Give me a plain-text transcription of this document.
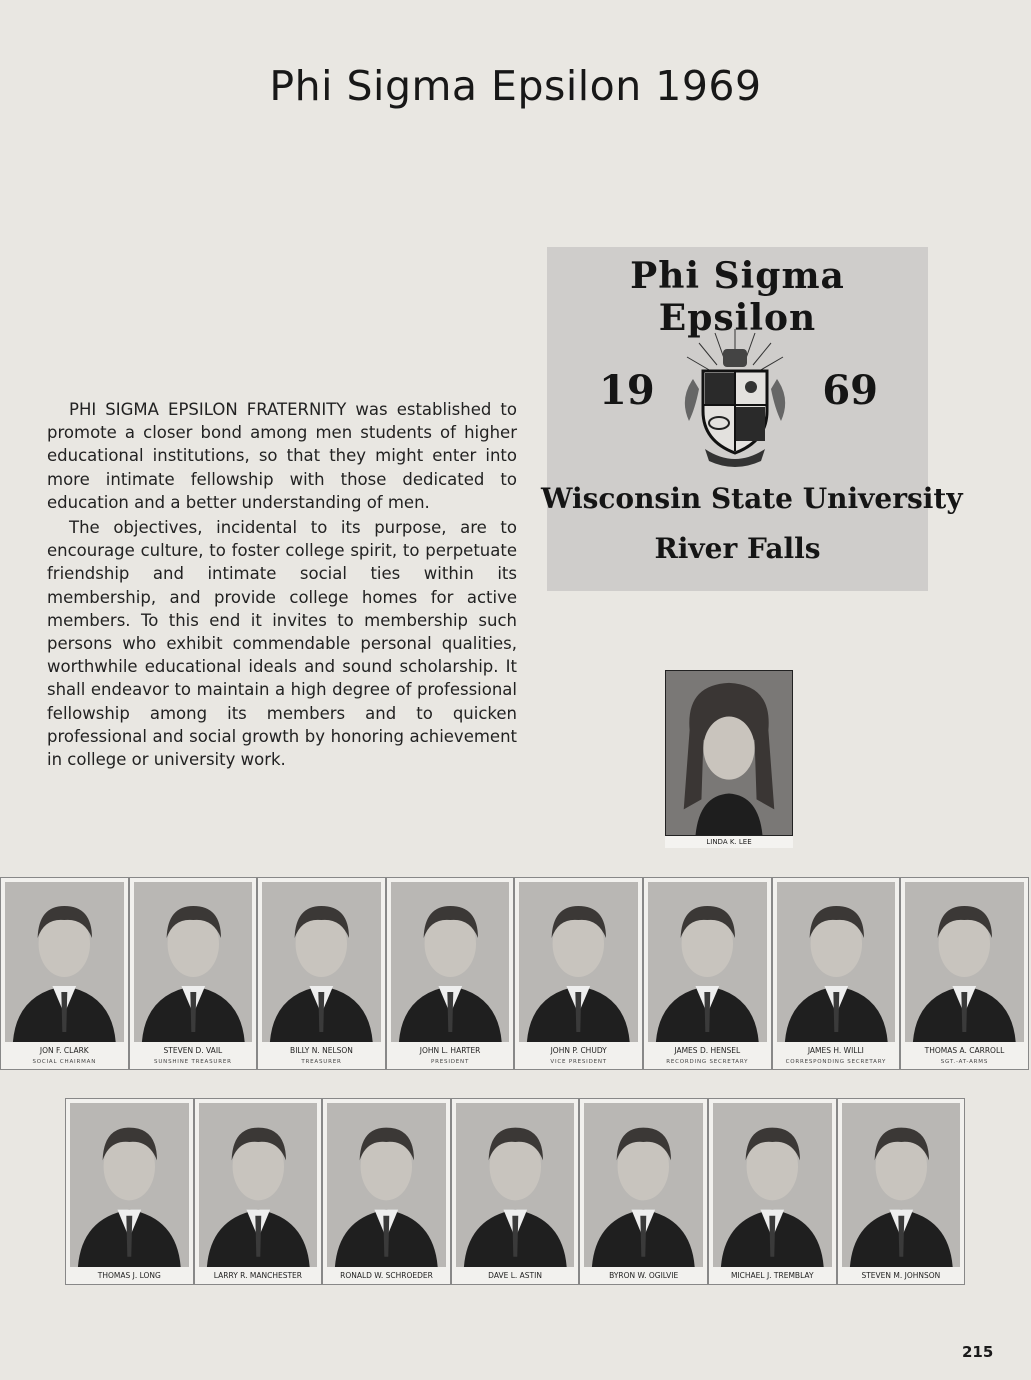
Phi Sigma Epsilon 1969

PHI SIGMA EPSILON FRATERNITY was established to promote a closer bond among men students of higher educational institutions, so that they might enter into more intimate fellowship with those dedicated to education and a better understanding of men.

The objectives, incidental to its purpose, are to encourage culture, to foster college spirit, to perpetuate friendship and intimate social ties within its membership, and provide college homes for active members. To this end it invites to membership such persons who exhibit commendable personal qualities, worthwhile educational ideals and sound scholarship. It shall endeavor to maintain a high degree of professional fellowship among its members and to quicken professional and social growth by honoring achievement in college or university work.

Phi Sigma Epsilon
19	69
Wisconsin State University
River Falls
LINDA K. LEE
JON F. CLARK
SOCIAL CHAIRMAN
STEVEN D. VAIL
SUNSHINE TREASURER
BILLY N. NELSON
TREASURER
JOHN L. HARTER
PRESIDENT
JOHN P. CHUDY
VICE PRESIDENT
JAMES D. HENSEL
RECORDING SECRETARY
JAMES H. WILLI
CORRESPONDING SECRETARY
THOMAS A. CARROLL
SGT.-AT-ARMS
THOMAS J. LONG	LARRY R. MANCHESTER	RONALD W. SCHROEDER	DAVE L. ASTIN	BYRON W. OGILVIE	MICHAEL J. TREMBLAY	STEVEN M. JOHNSON
215
